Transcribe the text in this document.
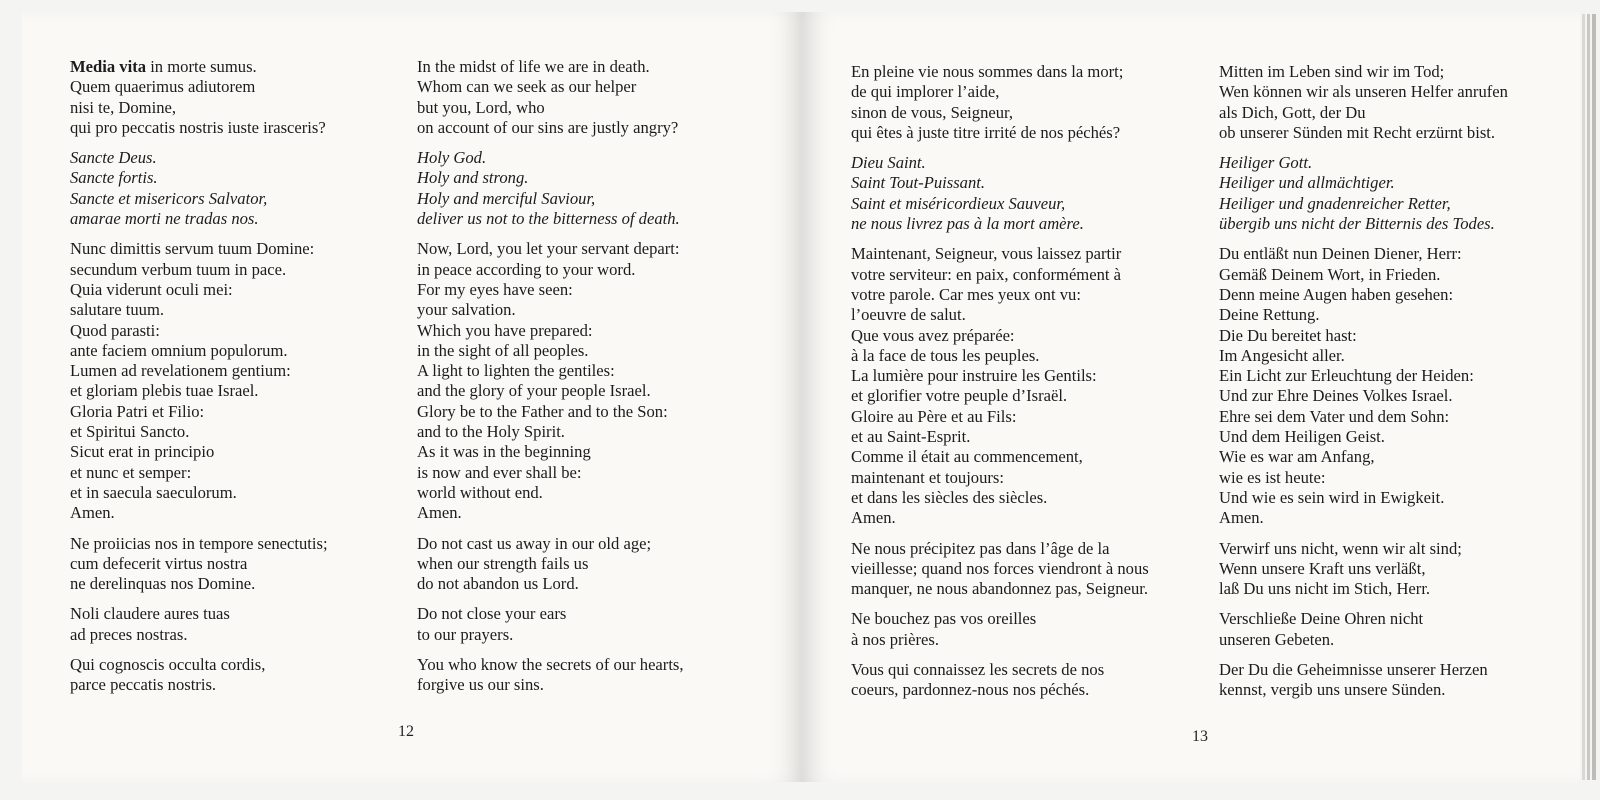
Media vita in morte sumus.
Quem quaerimus adiutorem
nisi te, Domine,
qui pro peccatis nostris iuste irasceris?
Sancte Deus.
Sancte fortis.
Sancte et misericors Salvator,
amarae morti ne tradas nos.
Nunc dimittis servum tuum Domine:
secundum verbum tuum in pace.
Quia viderunt oculi mei:
salutare tuum.
Quod parasti:
ante faciem omnium populorum.
Lumen ad revelationem gentium:
et gloriam plebis tuae Israel.
Gloria Patri et Filio:
et Spiritui Sancto.
Sicut erat in principio
et nunc et semper:
et in saecula saeculorum.
Amen.
Ne proiicias nos in tempore senectutis;
cum defecerit virtus nostra
ne derelinquas nos Domine.
Noli claudere aures tuas
ad preces nostras.
Qui cognoscis occulta cordis,
parce peccatis nostris.
In the midst of life we are in death.
Whom can we seek as our helper
but you, Lord, who
on account of our sins are justly angry?
Holy God.
Holy and strong.
Holy and merciful Saviour,
deliver us not to the bitterness of death.
Now, Lord, you let your servant depart:
in peace according to your word.
For my eyes have seen:
your salvation.
Which you have prepared:
in the sight of all peoples.
A light to lighten the gentiles:
and the glory of your people Israel.
Glory be to the Father and to the Son:
and to the Holy Spirit.
As it was in the beginning
is now and ever shall be:
world without end.
Amen.
Do not cast us away in our old age;
when our strength fails us
do not abandon us Lord.
Do not close your ears
to our prayers.
You who know the secrets of our hearts,
forgive us our sins.
12
En pleine vie nous sommes dans la mort;
de qui implorer l’aide,
sinon de vous, Seigneur,
qui êtes à juste titre irrité de nos péchés?
Dieu Saint.
Saint Tout-Puissant.
Saint et miséricordieux Sauveur,
ne nous livrez pas à la mort amère.
Maintenant, Seigneur, vous laissez partir
votre serviteur: en paix, conformément à
votre parole. Car mes yeux ont vu:
l’oeuvre de salut.
Que vous avez préparée:
à la face de tous les peuples.
La lumière pour instruire les Gentils:
et glorifier votre peuple d’Israël.
Gloire au Père et au Fils:
et au Saint-Esprit.
Comme il était au commencement,
maintenant et toujours:
et dans les siècles des siècles.
Amen.
Ne nous précipitez pas dans l’âge de la
vieillesse; quand nos forces viendront à nous
manquer, ne nous abandonnez pas, Seigneur.
Ne bouchez pas vos oreilles
à nos prières.
Vous qui connaissez les secrets de nos
coeurs, pardonnez-nous nos péchés.
Mitten im Leben sind wir im Tod;
Wen können wir als unseren Helfer anrufen
als Dich, Gott, der Du
ob unserer Sünden mit Recht erzürnt bist.
Heiliger Gott.
Heiliger und allmächtiger.
Heiliger und gnadenreicher Retter,
übergib uns nicht der Bitternis des Todes.
Du entläßt nun Deinen Diener, Herr:
Gemäß Deinem Wort, in Frieden.
Denn meine Augen haben gesehen:
Deine Rettung.
Die Du bereitet hast:
Im Angesicht aller.
Ein Licht zur Erleuchtung der Heiden:
Und zur Ehre Deines Volkes Israel.
Ehre sei dem Vater und dem Sohn:
Und dem Heiligen Geist.
Wie es war am Anfang,
wie es ist heute:
Und wie es sein wird in Ewigkeit.
Amen.
Verwirf uns nicht, wenn wir alt sind;
Wenn unsere Kraft uns verläßt,
laß Du uns nicht im Stich, Herr.
Verschließe Deine Ohren nicht
unseren Gebeten.
Der Du die Geheimnisse unserer Herzen
kennst, vergib uns unsere Sünden.
13
